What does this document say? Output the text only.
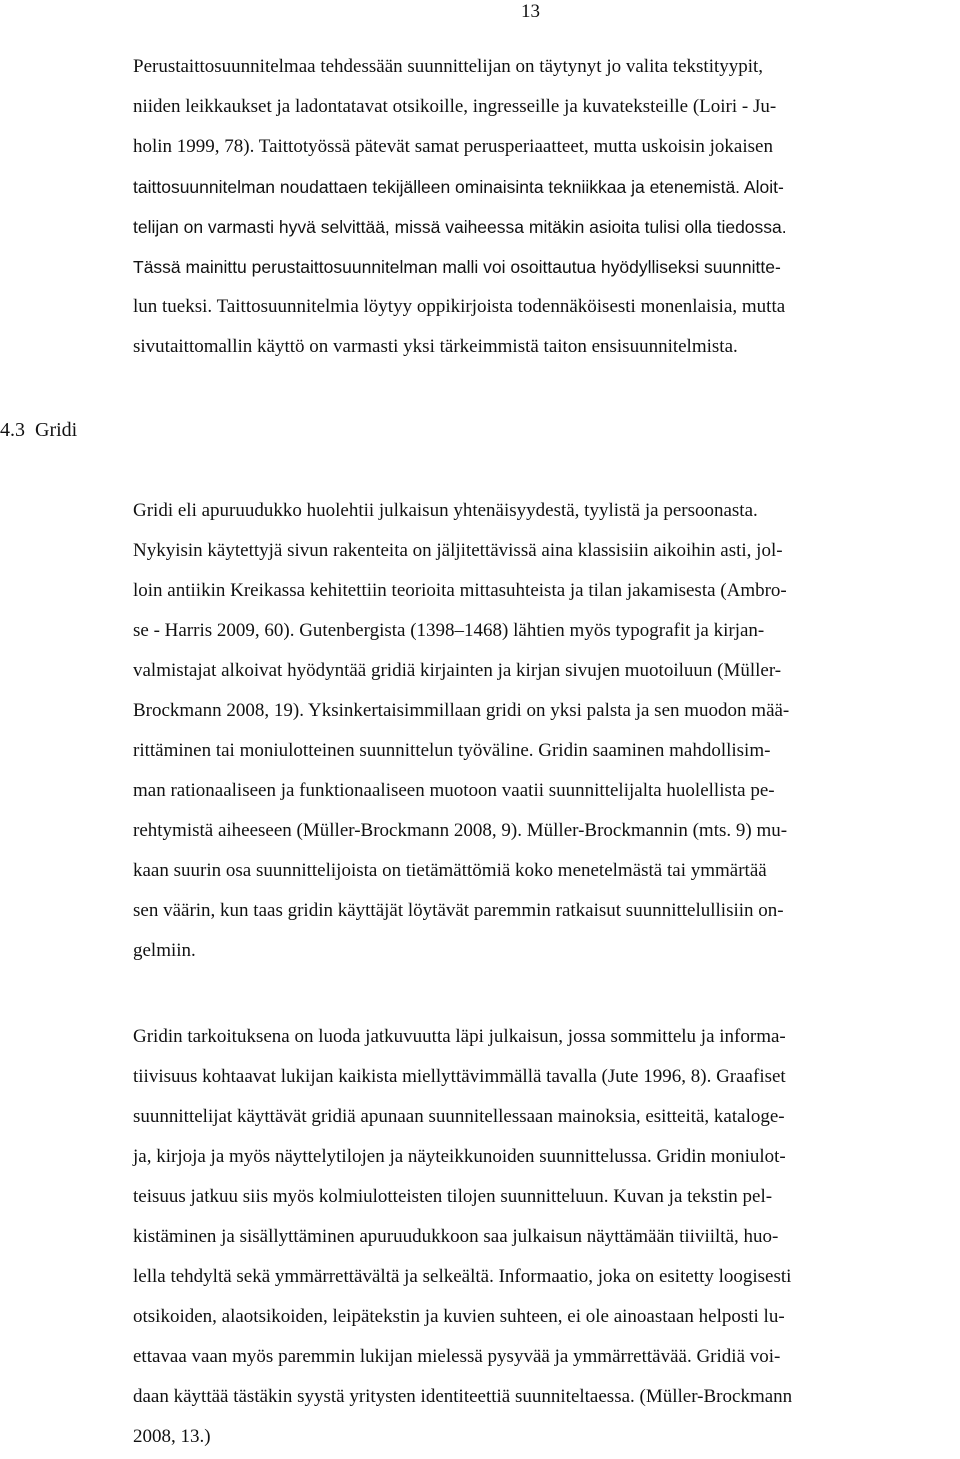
13
Perustaittosuunnitelmaa tehdessään suunnittelijan on täytynyt jo valita tekstityypit,
niiden leikkaukset ja ladontatavat otsikoille, ingresseille ja kuvateksteille (Loiri - Ju-
holin 1999, 78). Taittotyössä pätevät samat perusperiaatteet, mutta uskoisin jokaisen
taittosuunnitelman noudattaen tekijälleen ominaisinta tekniikkaa ja etenemistä. Aloit-
telijan on varmasti hyvä selvittää, missä vaiheessa mitäkin asioita tulisi olla tiedossa.
Tässä mainittu perustaittosuunnitelman malli voi osoittautua hyödylliseksi suunnitte-
lun tueksi. Taittosuunnitelmia löytyy oppikirjoista todennäköisesti monenlaisia, mutta
sivutaittomallin käyttö on varmasti yksi tärkeimmistä taiton ensisuunnitelmista.
4.3 Gridi
Gridi eli apuruudukko huolehtii julkaisun yhtenäisyydestä, tyylistä ja persoonasta.
Nykyisin käytettyjä sivun rakenteita on jäljitettävissä aina klassisiin aikoihin asti, jol-
loin antiikin Kreikassa kehitettiin teorioita mittasuhteista ja tilan jakamisesta (Ambro-
se - Harris 2009, 60). Gutenbergista (1398–1468) lähtien myös typografit ja kirjan-
valmistajat alkoivat hyödyntää gridiä kirjainten ja kirjan sivujen muotoiluun (Müller-
Brockmann 2008, 19). Yksinkertaisimmillaan gridi on yksi palsta ja sen muodon mää-
rittäminen tai moniulotteinen suunnittelun työväline. Gridin saaminen mahdollisim-
man rationaaliseen ja funktionaaliseen muotoon vaatii suunnittelijalta huolellista pe-
rehtymistä aiheeseen (Müller-Brockmann 2008, 9). Müller-Brockmannin (mts. 9) mu-
kaan suurin osa suunnittelijoista on tietämättömiä koko menetelmästä tai ymmärtää
sen väärin, kun taas gridin käyttäjät löytävät paremmin ratkaisut suunnittelullisiin on-
gelmiin.
Gridin tarkoituksena on luoda jatkuvuutta läpi julkaisun, jossa sommittelu ja informa-
tiivisuus kohtaavat lukijan kaikista miellyttävimmällä tavalla (Jute 1996, 8). Graafiset
suunnittelijat käyttävät gridiä apunaan suunnitellessaan mainoksia, esitteitä, kataloge-
ja, kirjoja ja myös näyttelytilojen ja näyteikkunoiden suunnittelussa. Gridin moniulot-
teisuus jatkuu siis myös kolmiulotteisten tilojen suunnitteluun. Kuvan ja tekstin pel-
kistäminen ja sisällyttäminen apuruudukkoon saa julkaisun näyttämään tiiviiltä, huo-
lella tehdyltä sekä ymmärrettävältä ja selkeältä. Informaatio, joka on esitetty loogisesti
otsikoiden, alaotsikoiden, leipätekstin ja kuvien suhteen, ei ole ainoastaan helposti lu-
ettavaa vaan myös paremmin lukijan mielessä pysyvää ja ymmärrettävää. Gridiä voi-
daan käyttää tästäkin syystä yritysten identiteettiä suunniteltaessa. (Müller-Brockmann
2008, 13.)
